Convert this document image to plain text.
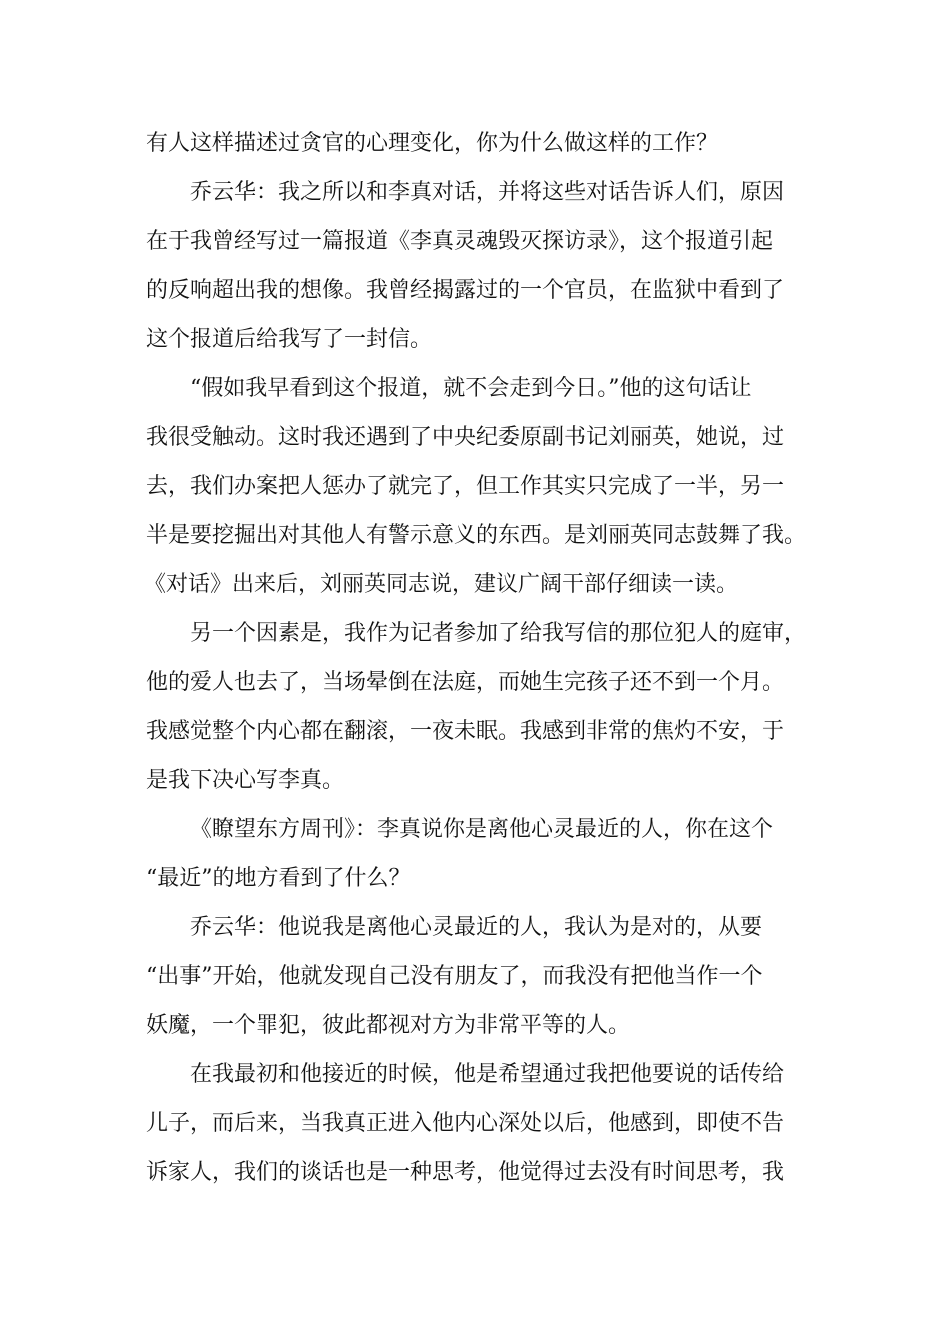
有人这样描述过贪官的心理变化，你为什么做这样的工作？
乔云华：我之所以和李真对话，并将这些对话告诉人们，原因
在于我曾经写过一篇报道《李真灵魂毁灭探访录》，这个报道引起
的反响超出我的想像。我曾经揭露过的一个官员，在监狱中看到了
这个报道后给我写了一封信。
“假如我早看到这个报道，就不会走到今日。”他的这句话让
我很受触动。这时我还遇到了中央纪委原副书记刘丽英，她说，过
去，我们办案把人惩办了就完了，但工作其实只完成了一半，另一
半是要挖掘出对其他人有警示意义的东西。是刘丽英同志鼓舞了我。
《对话》出来后，刘丽英同志说，建议广阔干部仔细读一读。
另一个因素是，我作为记者参加了给我写信的那位犯人的庭审，
他的爱人也去了，当场晕倒在法庭，而她生完孩子还不到一个月。
我感觉整个内心都在翻滚，一夜未眠。我感到非常的焦灼不安，于
是我下决心写李真。
《瞭望东方周刊》：李真说你是离他心灵最近的人，你在这个
“最近”的地方看到了什么？
乔云华：他说我是离他心灵最近的人，我认为是对的，从要
“出事”开始，他就发现自己没有朋友了，而我没有把他当作一个
妖魔，一个罪犯，彼此都视对方为非常平等的人。
在我最初和他接近的时候，他是希望通过我把他要说的话传给
儿子，而后来，当我真正进入他内心深处以后，他感到，即使不告
诉家人，我们的谈话也是一种思考，他觉得过去没有时间思考，我
